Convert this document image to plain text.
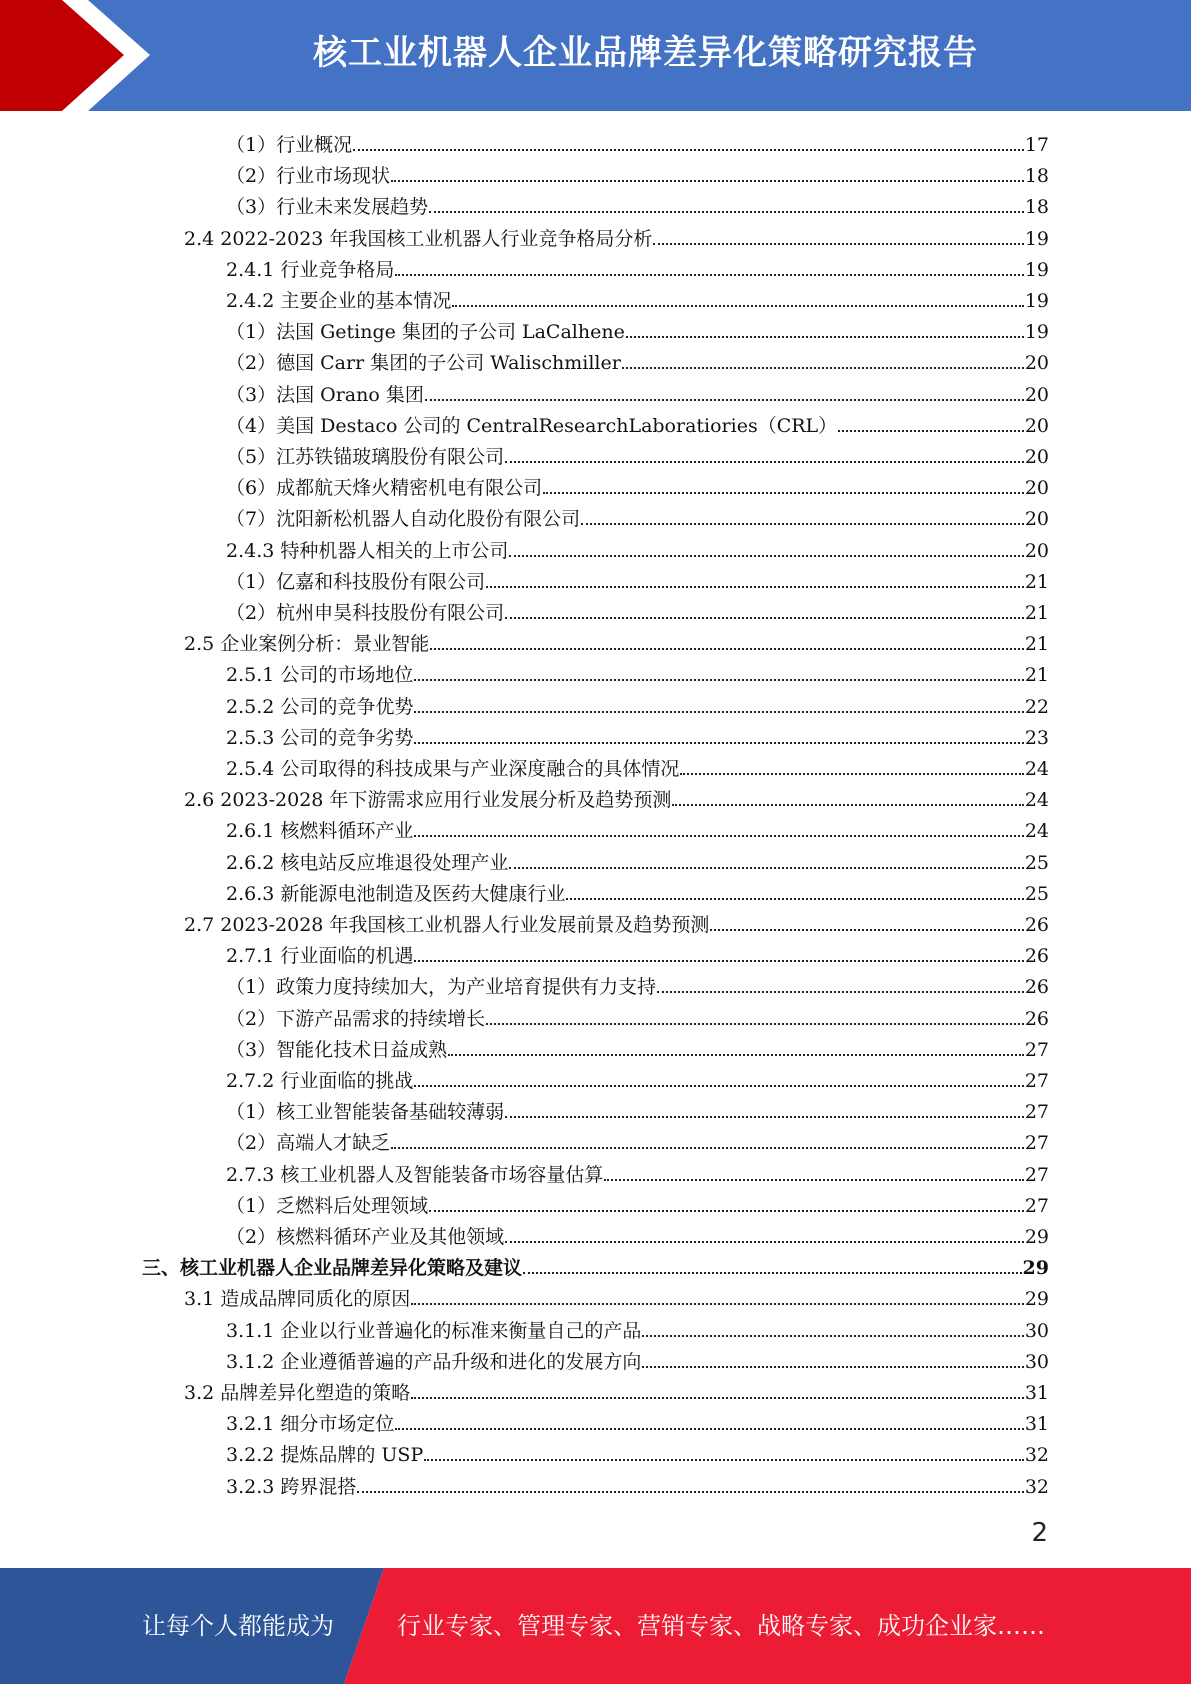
核工业机器人企业品牌差异化策略研究报告
（1）行业概况	17
（2）行业市场现状	18
（3）行业未来发展趋势	18
2.4 2022-2023 年我国核工业机器人行业竞争格局分析	19
2.4.1 行业竞争格局	19
2.4.2 主要企业的基本情况	19
（1）法国 Getinge 集团的子公司 LaCalhene	19
（2）德国 Carr 集团的子公司 Walischmiller	20
（3）法国 Orano 集团	20
（4）美国 Destaco 公司的 CentralResearchLaboratiories（CRL）	20
（5）江苏铁锚玻璃股份有限公司	20
（6）成都航天烽火精密机电有限公司	20
（7）沈阳新松机器人自动化股份有限公司	20
2.4.3 特种机器人相关的上市公司	20
（1）亿嘉和科技股份有限公司	21
（2）杭州申昊科技股份有限公司	21
2.5 企业案例分析：景业智能	21
2.5.1 公司的市场地位	21
2.5.2 公司的竞争优势	22
2.5.3 公司的竞争劣势	23
2.5.4 公司取得的科技成果与产业深度融合的具体情况	24
2.6 2023-2028 年下游需求应用行业发展分析及趋势预测	24
2.6.1 核燃料循环产业	24
2.6.2 核电站反应堆退役处理产业	25
2.6.3 新能源电池制造及医药大健康行业	25
2.7 2023-2028 年我国核工业机器人行业发展前景及趋势预测	26
2.7.1 行业面临的机遇	26
（1）政策力度持续加大，为产业培育提供有力支持	26
（2）下游产品需求的持续增长	26
（3）智能化技术日益成熟	27
2.7.2 行业面临的挑战	27
（1）核工业智能装备基础较薄弱	27
（2）高端人才缺乏	27
2.7.3 核工业机器人及智能装备市场容量估算	27
（1）乏燃料后处理领域	27
（2）核燃料循环产业及其他领域	29
三、核工业机器人企业品牌差异化策略及建议	29
3.1 造成品牌同质化的原因	29
3.1.1 企业以行业普遍化的标准来衡量自己的产品	30
3.1.2 企业遵循普遍的产品升级和进化的发展方向	30
3.2 品牌差异化塑造的策略	31
3.2.1 细分市场定位	31
3.2.2 提炼品牌的 USP	32
3.2.3 跨界混搭	32
2
让每个人都能成为	行业专家、管理专家、营销专家、战略专家、成功企业家……
